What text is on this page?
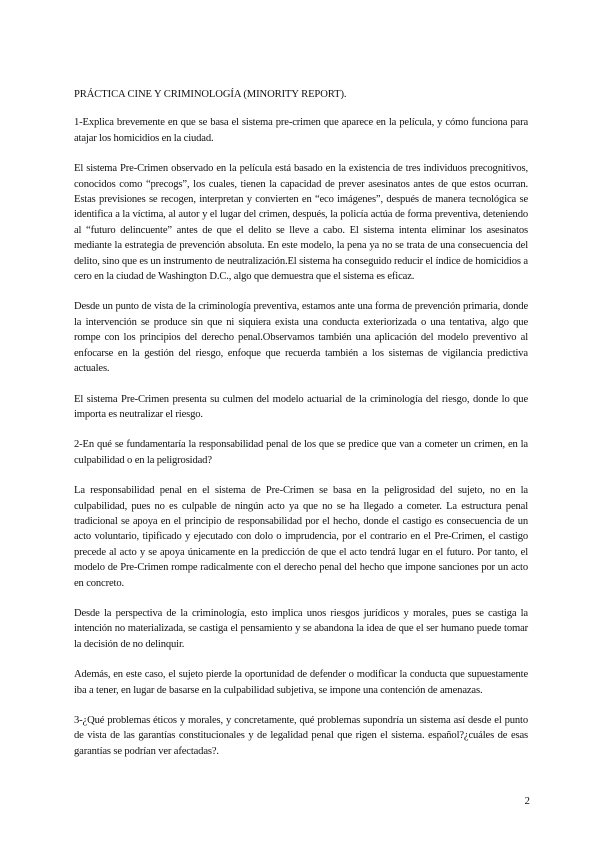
PRÁCTICA CINE Y CRIMINOLOGÍA (MINORITY REPORT).

1-Explica brevemente en que se basa el sistema pre-crimen que aparece en la película, y cómo funciona para atajar los homicidios en la ciudad.

El sistema Pre-Crimen observado en la película está basado en la existencia de tres individuos precognitivos, conocidos como “precogs”, los cuales, tienen la capacidad de prever asesinatos antes de que estos ocurran. Estas previsiones se recogen, interpretan y convierten en “eco imágenes”, después de manera tecnológica se identifica a la víctima, al autor y el lugar del crimen, después, la policía actúa de forma preventiva, deteniendo al “futuro delincuente” antes de que el delito se lleve a cabo. El sistema intenta eliminar los asesinatos mediante la estrategia de prevención absoluta. En este modelo, la pena ya no se trata de una consecuencia del delito, sino que es un instrumento de neutralización.El sistema ha conseguido reducir el índice de homicidios a cero en la ciudad de Washington D.C., algo que demuestra que el sistema es eficaz.

Desde un punto de vista de la criminología preventiva, estamos ante una forma de prevención primaria, donde la intervención se produce sin que ni siquiera exista una conducta exteriorizada o una tentativa, algo que rompe con los principios del derecho penal.Observamos también una aplicación del modelo preventivo al enfocarse en la gestión del riesgo, enfoque que recuerda también a los sistemas de vigilancia predictiva actuales.

El sistema Pre-Crimen presenta su culmen del modelo actuarial de la criminología del riesgo, donde lo que importa es neutralizar el riesgo.

2-En qué se fundamentaría la responsabilidad penal de los que se predice que van a cometer un crimen, en la culpabilidad o en la peligrosidad?

La responsabilidad penal en el sistema de Pre-Crimen se basa en la peligrosidad del sujeto, no en la culpabilidad, pues no es culpable de ningún acto ya que no se ha llegado a cometer. La estructura penal tradicional se apoya en el principio de responsabilidad por el hecho, donde el castigo es consecuencia de un acto voluntario, tipificado y ejecutado con dolo o imprudencia, por el contrario en el Pre-Crimen, el castigo precede al acto y se apoya únicamente en la predicción de que el acto tendrá lugar en el futuro. Por tanto, el modelo de Pre-Crimen rompe radicalmente con el derecho penal del hecho que impone sanciones por un acto en concreto.

Desde la perspectiva de la criminología, esto implica unos riesgos jurídicos y morales, pues se castiga la intención no materializada, se castiga el pensamiento y se abandona la idea de que el ser humano puede tomar la decisión de no delinquir.

Además, en este caso, el sujeto pierde la oportunidad de defender o modificar la conducta que supuestamente iba a tener, en lugar de basarse en la culpabilidad subjetiva, se impone una contención de amenazas.

3-¿Qué problemas éticos y morales, y concretamente, qué problemas supondría un sistema así desde el punto de vista de las garantías constitucionales y de legalidad penal que rigen el sistema. español?¿cuáles de esas garantías se podrían ver afectadas?.

2
